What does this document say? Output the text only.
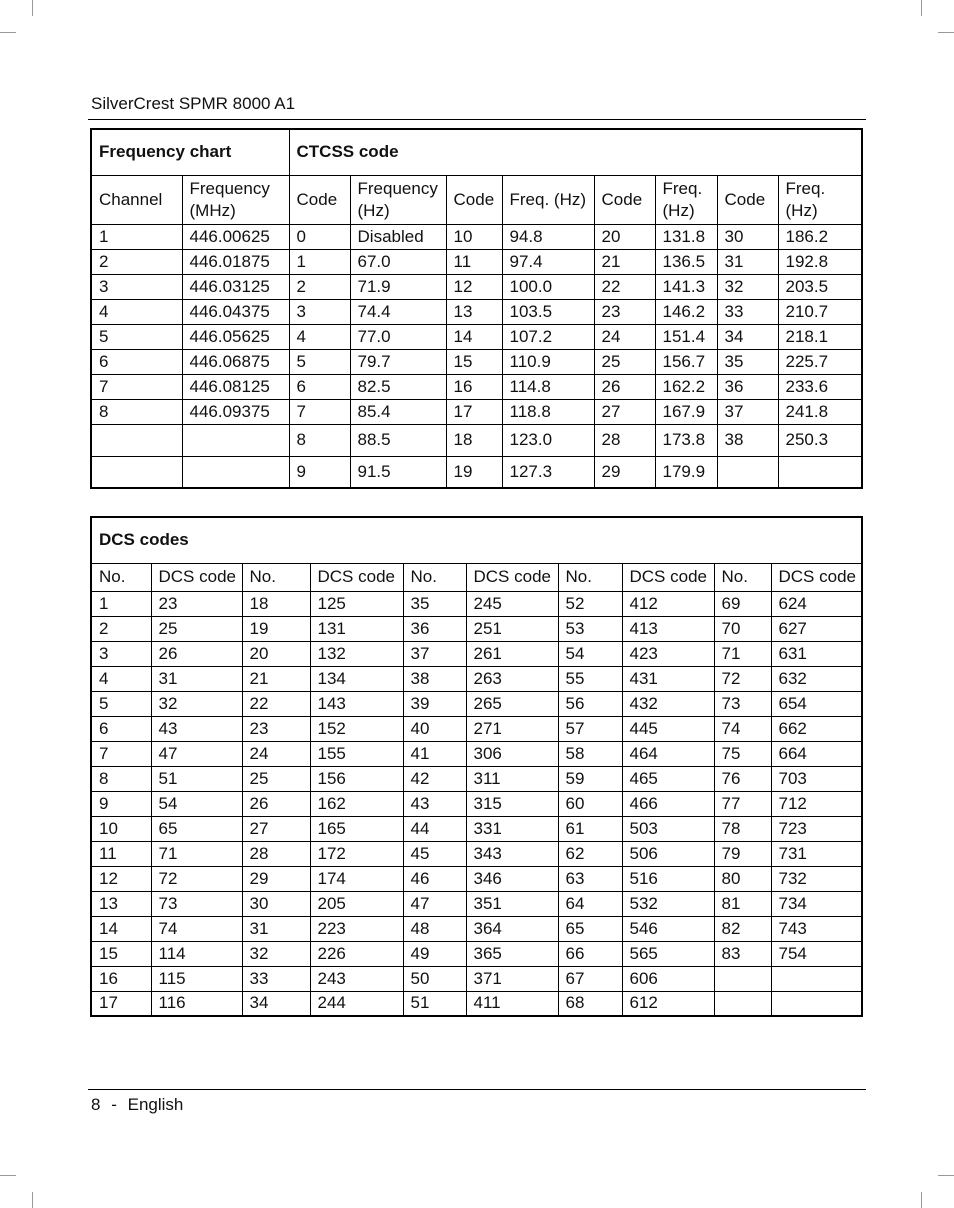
SilverCrest SPMR 8000 A1
Frequency chart		CTCSS code							
Channel	Frequency (MHz)	Code	Frequency (Hz)	Code	Freq. (Hz)	Code	Freq. (Hz)	Code	Freq. (Hz)
1	446.00625	0	Disabled	10	94.8	20	131.8	30	186.2
2	446.01875	1	67.0	11	97.4	21	136.5	31	192.8
3	446.03125	2	71.9	12	100.0	22	141.3	32	203.5
4	446.04375	3	74.4	13	103.5	23	146.2	33	210.7
5	446.05625	4	77.0	14	107.2	24	151.4	34	218.1
6	446.06875	5	79.7	15	110.9	25	156.7	35	225.7
7	446.08125	6	82.5	16	114.8	26	162.2	36	233.6
8	446.09375	7	85.4	17	118.8	27	167.9	37	241.8
		8	88.5	18	123.0	28	173.8	38	250.3
		9	91.5	19	127.3	29	179.9		
DCS codes									
No.	DCS code	No.	DCS code	No.	DCS code	No.	DCS code	No.	DCS code
1	23	18	125	35	245	52	412	69	624
2	25	19	131	36	251	53	413	70	627
3	26	20	132	37	261	54	423	71	631
4	31	21	134	38	263	55	431	72	632
5	32	22	143	39	265	56	432	73	654
6	43	23	152	40	271	57	445	74	662
7	47	24	155	41	306	58	464	75	664
8	51	25	156	42	311	59	465	76	703
9	54	26	162	43	315	60	466	77	712
10	65	27	165	44	331	61	503	78	723
11	71	28	172	45	343	62	506	79	731
12	72	29	174	46	346	63	516	80	732
13	73	30	205	47	351	64	532	81	734
14	74	31	223	48	364	65	546	82	743
15	114	32	226	49	365	66	565	83	754
16	115	33	243	50	371	67	606		
17	116	34	244	51	411	68	612		
8 - English
